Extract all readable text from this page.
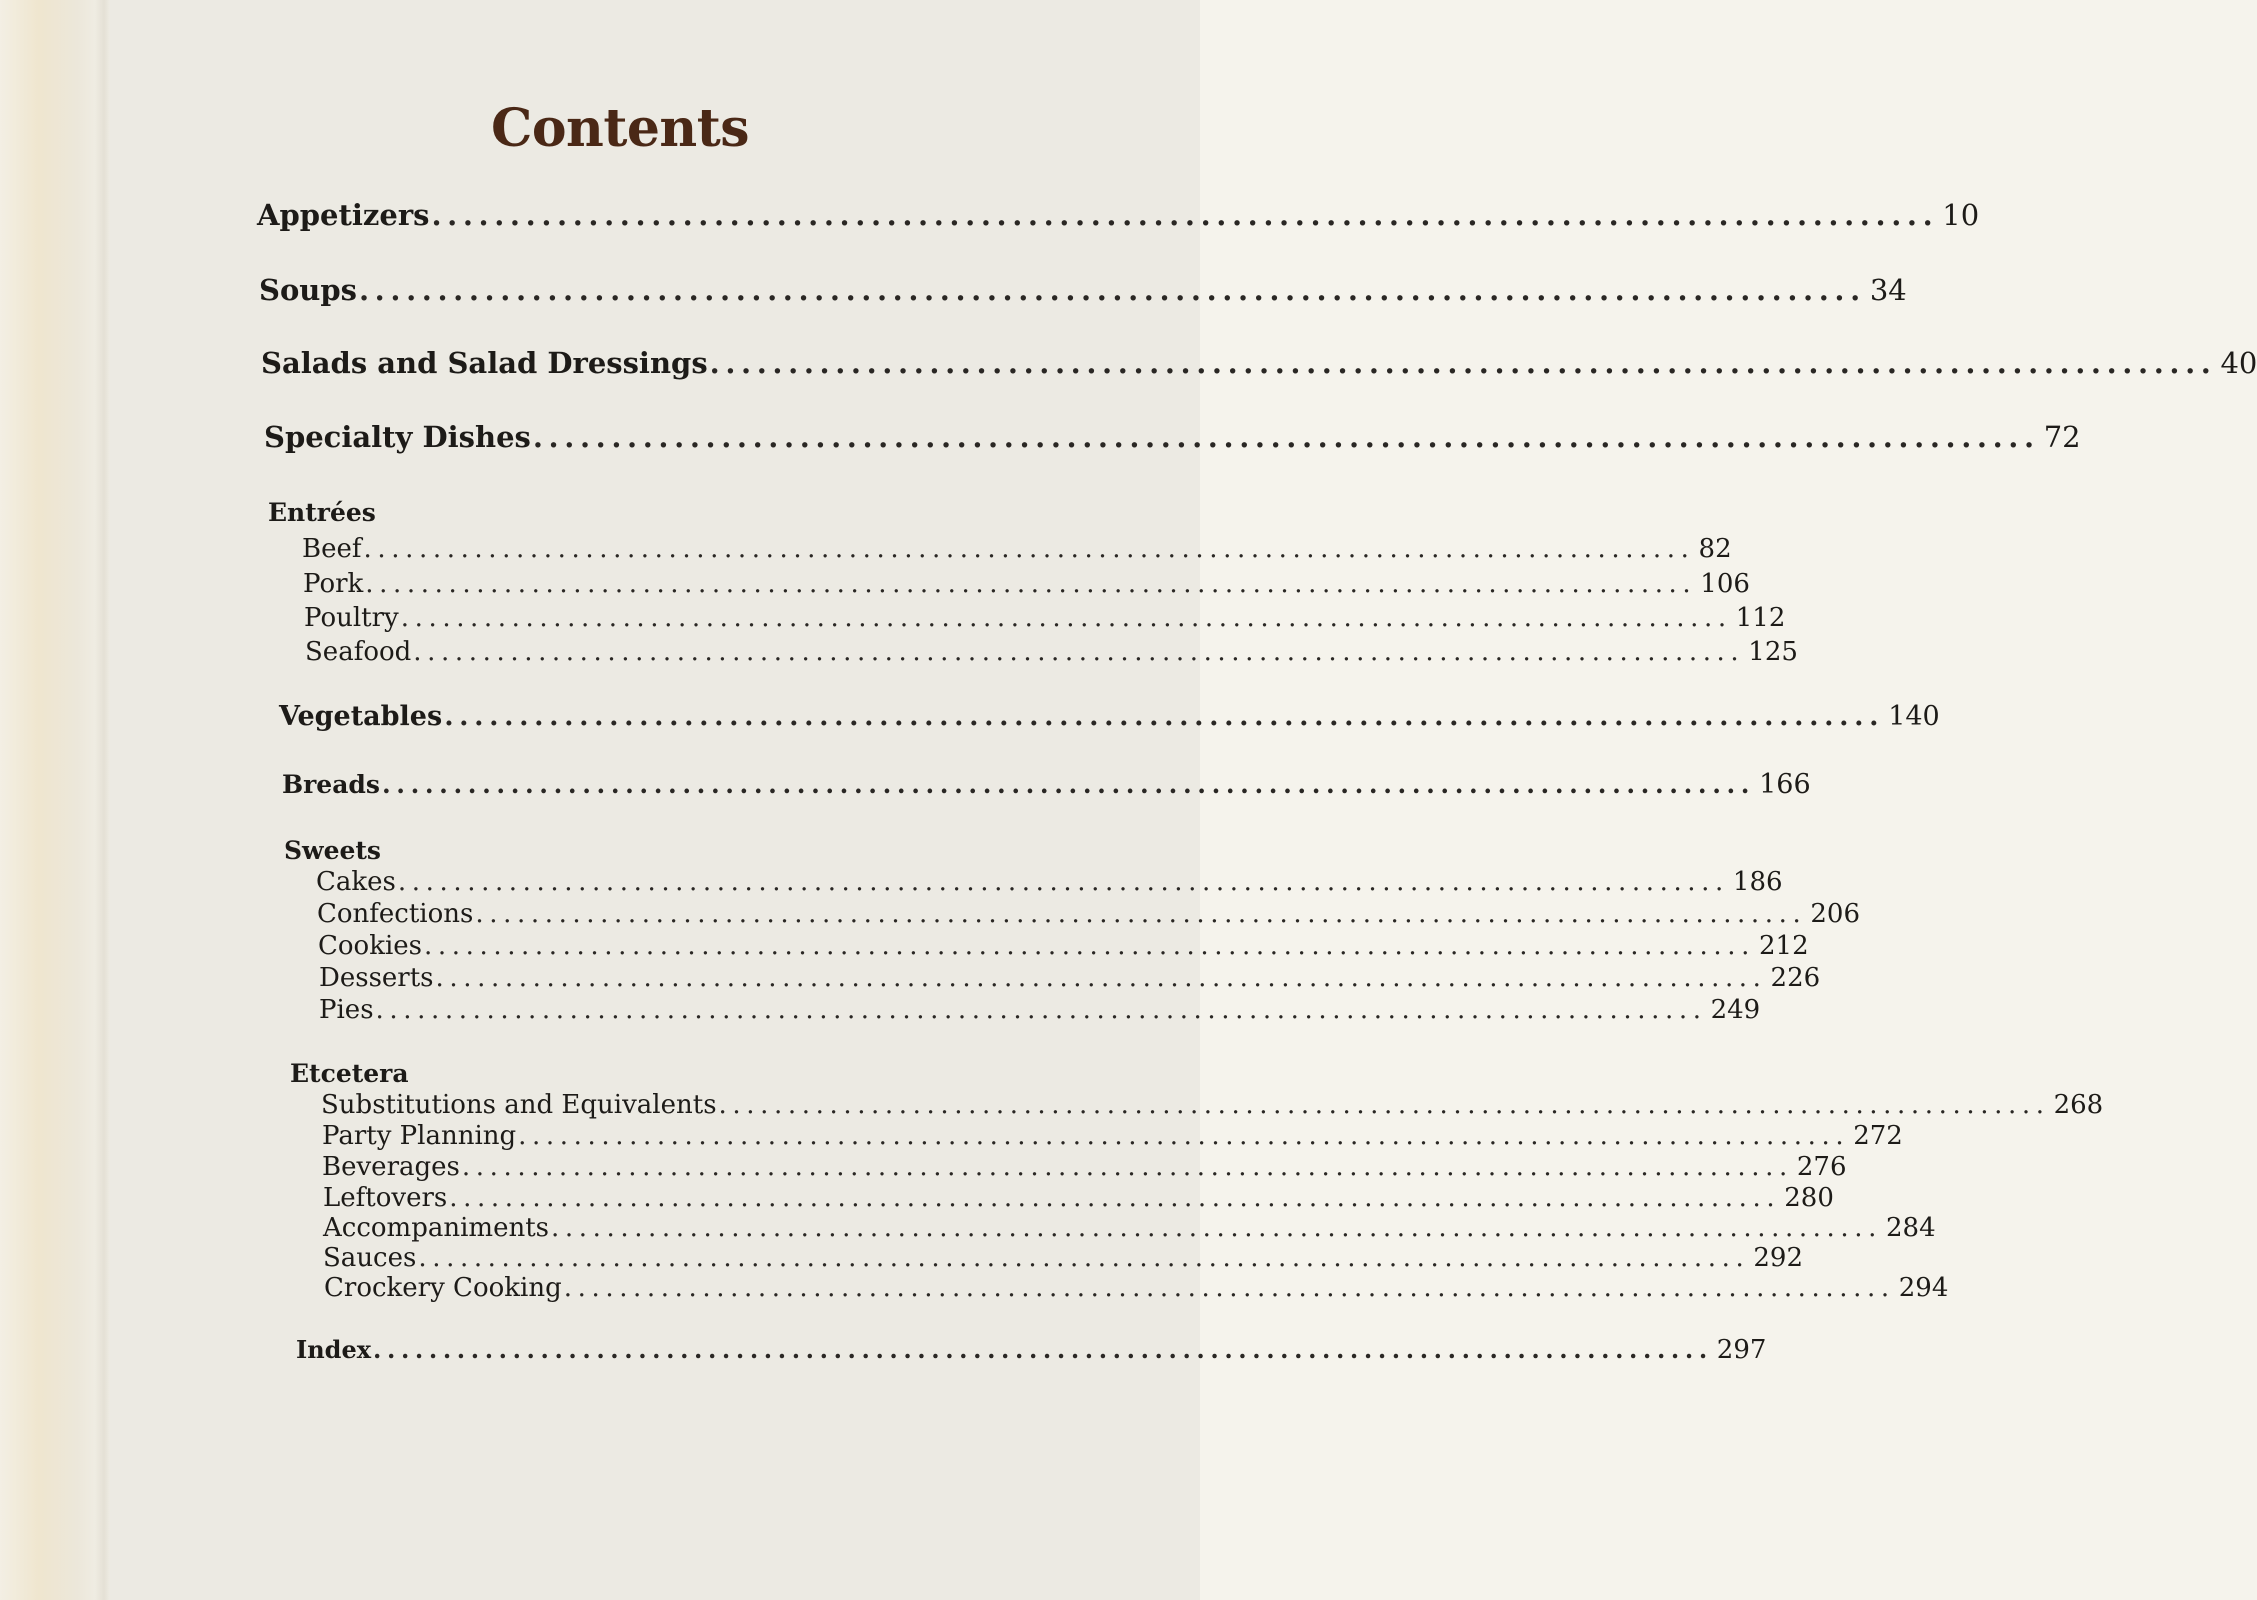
Contents
Appetizers ................................................................................................ 10
Soups ................................................................................................ 34
Salads and Salad Dressings ................................................................................................ 40
Specialty Dishes ................................................................................................ 72
Entrées
Beef ................................................................................................ 82
Pork ................................................................................................ 106
Poultry ................................................................................................ 112
Seafood ................................................................................................ 125
Vegetables ................................................................................................ 140
Breads ................................................................................................ 166
Sweets
Cakes ................................................................................................ 186
Confections ................................................................................................ 206
Cookies ................................................................................................ 212
Desserts ................................................................................................ 226
Pies ................................................................................................ 249
Etcetera
Substitutions and Equivalents ................................................................................................ 268
Party Planning ................................................................................................ 272
Beverages ................................................................................................ 276
Leftovers ................................................................................................ 280
Accompaniments ................................................................................................ 284
Sauces ................................................................................................ 292
Crockery Cooking ................................................................................................ 294
Index ................................................................................................ 297
